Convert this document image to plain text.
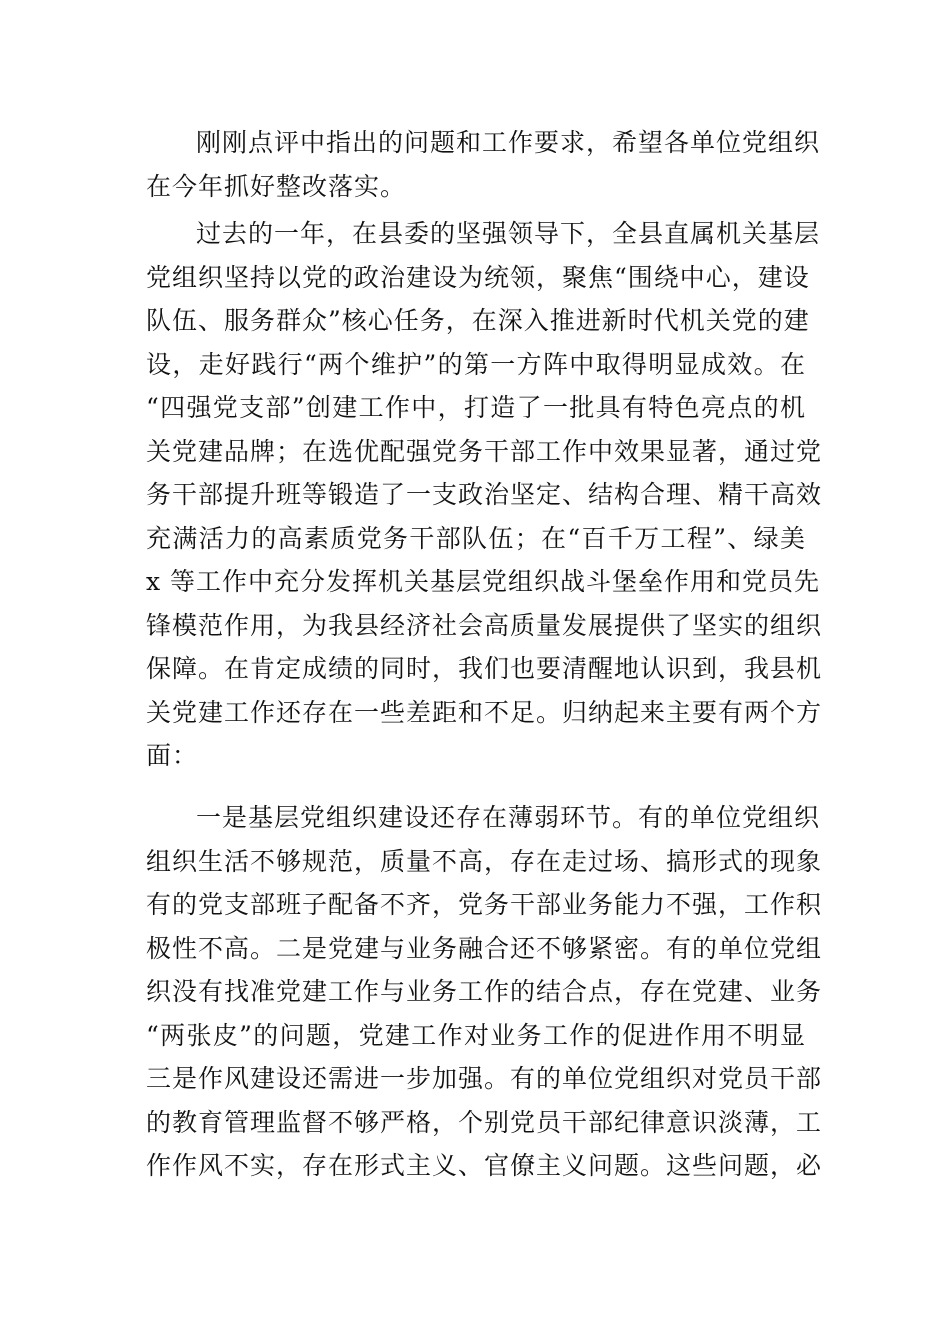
刚刚点评中指出的问题和工作要求，希望各单位党组织
在今年抓好整改落实。
过去的一年，在县委的坚强领导下，全县直属机关基层
党组织坚持以党的政治建设为统领，聚焦“围绕中心，建设
队伍、服务群众”核心任务，在深入推进新时代机关党的建
设，走好践行“两个维护”的第一方阵中取得明显成效。在
“四强党支部”创建工作中，打造了一批具有特色亮点的机
关党建品牌；在选优配强党务干部工作中效果显著，通过党
务干部提升班等锻造了一支政治坚定、结构合理、精干高效
充满活力的高素质党务干部队伍；在“百千万工程”、绿美
x 等工作中充分发挥机关基层党组织战斗堡垒作用和党员先
锋模范作用，为我县经济社会高质量发展提供了坚实的组织
保障。在肯定成绩的同时，我们也要清醒地认识到，我县机
关党建工作还存在一些差距和不足。归纳起来主要有两个方
面：
一是基层党组织建设还存在薄弱环节。有的单位党组织
组织生活不够规范，质量不高，存在走过场、搞形式的现象
有的党支部班子配备不齐，党务干部业务能力不强，工作积
极性不高。二是党建与业务融合还不够紧密。有的单位党组
织没有找准党建工作与业务工作的结合点，存在党建、业务
“两张皮”的问题，党建工作对业务工作的促进作用不明显
三是作风建设还需进一步加强。有的单位党组织对党员干部
的教育管理监督不够严格，个别党员干部纪律意识淡薄，工
作作风不实，存在形式主义、官僚主义问题。这些问题，必
